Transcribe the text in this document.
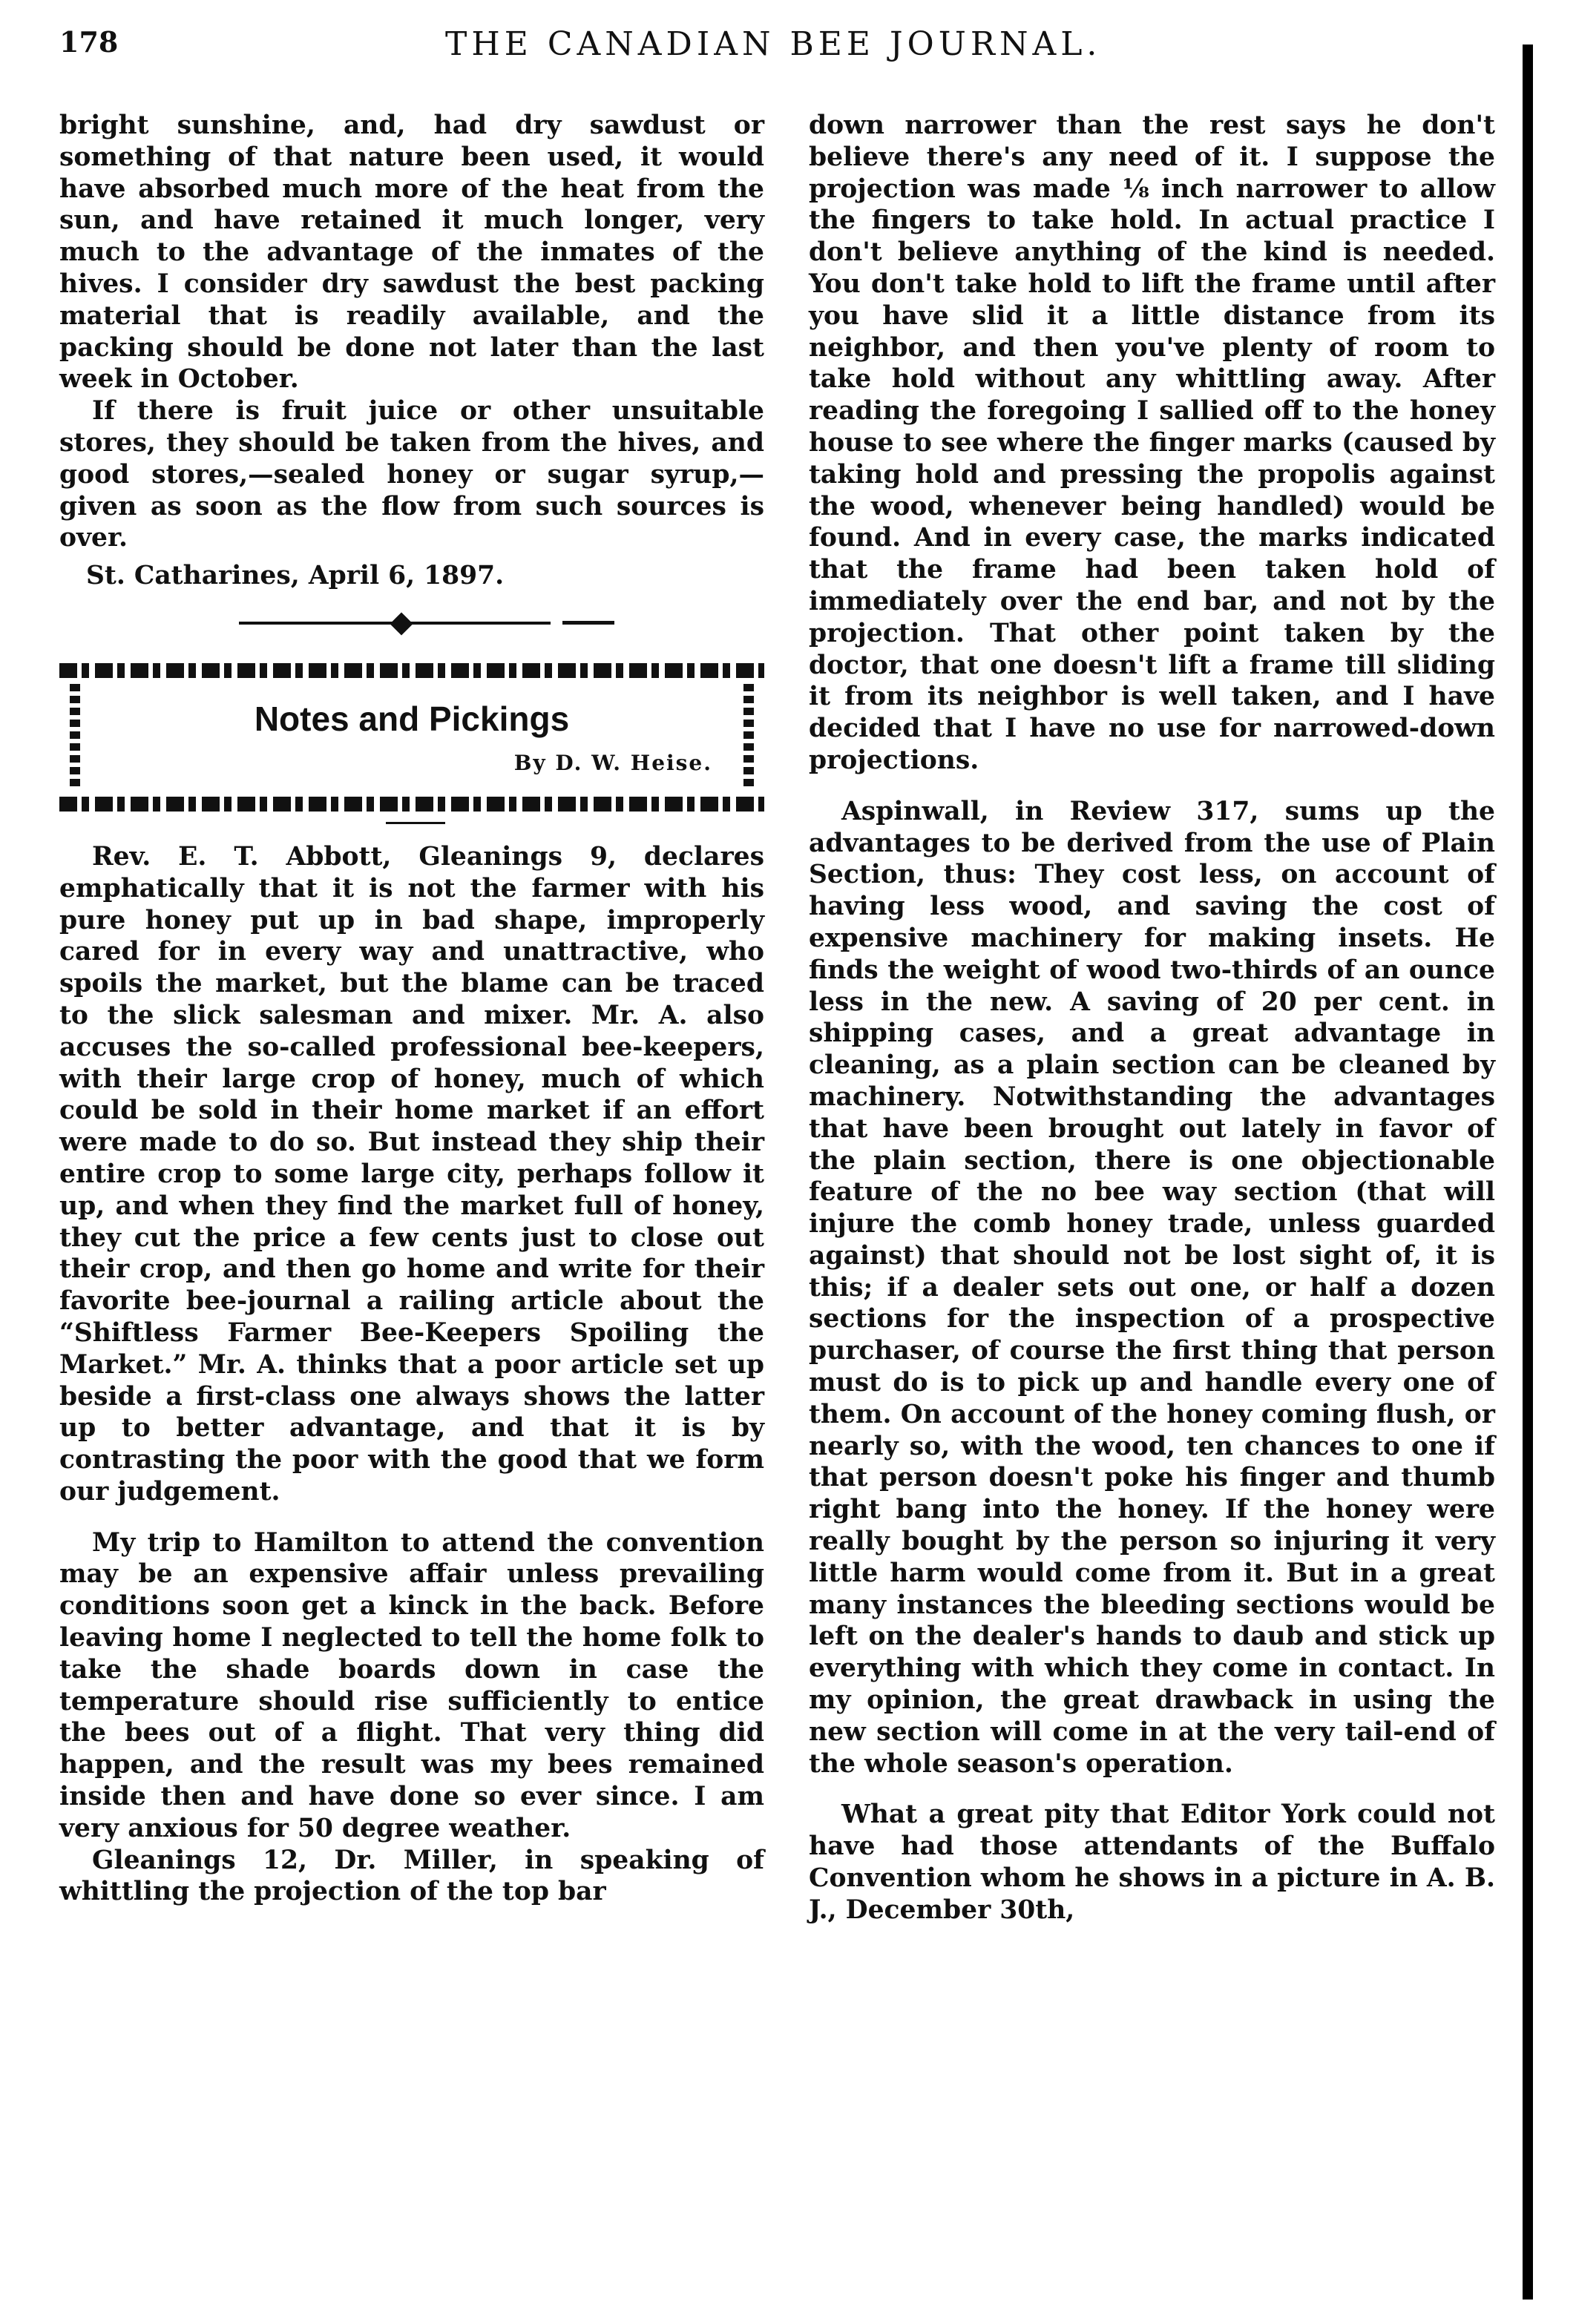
178	THE CANADIAN BEE JOURNAL.

bright sunshine, and, had dry sawdust or something of that nature been used, it would have absorbed much more of the heat from the sun, and have retained it much longer, very much to the advantage of the inmates of the hives. I consider dry sawdust the best packing material that is readily available, and the packing should be done not later than the last week in October.

If there is fruit juice or other unsuitable stores, they should be taken from the hives, and good stores,—sealed honey or sugar syrup,—given as soon as the flow from such sources is over.

St. Catharines, April 6, 1897.

Notes and Pickings
By D. W. Heise.

Rev. E. T. Abbott, Gleanings 9, declares emphatically that it is not the farmer with his pure honey put up in bad shape, improperly cared for in every way and unattractive, who spoils the market, but the blame can be traced to the slick salesman and mixer. Mr. A. also accuses the so-called professional bee-keepers, with their large crop of honey, much of which could be sold in their home market if an effort were made to do so. But instead they ship their entire crop to some large city, perhaps follow it up, and when they find the market full of honey, they cut the price a few cents just to close out their crop, and then go home and write for their favorite bee-journal a railing article about the “Shiftless Farmer Bee-Keepers Spoiling the Market.” Mr. A. thinks that a poor article set up beside a first-class one always shows the latter up to better advantage, and that it is by contrasting the poor with the good that we form our judgement.

My trip to Hamilton to attend the convention may be an expensive affair unless prevailing conditions soon get a kinck in the back. Before leaving home I neglected to tell the home folk to take the shade boards down in case the temperature should rise sufficiently to entice the bees out of a flight. That very thing did happen, and the result was my bees remained inside then and have done so ever since. I am very anxious for 50 degree weather.

Gleanings 12, Dr. Miller, in speaking of whittling the projection of the top bar

down narrower than the rest says he don't believe there's any need of it. I suppose the projection was made ⅛ inch narrower to allow the fingers to take hold. In actual practice I don't believe anything of the kind is needed. You don't take hold to lift the frame until after you have slid it a little distance from its neighbor, and then you've plenty of room to take hold without any whittling away. After reading the foregoing I sallied off to the honey house to see where the finger marks (caused by taking hold and pressing the propolis against the wood, whenever being handled) would be found. And in every case, the marks indicated that the frame had been taken hold of immediately over the end bar, and not by the projection. That other point taken by the doctor, that one doesn't lift a frame till sliding it from its neighbor is well taken, and I have decided that I have no use for narrowed-down projections.

Aspinwall, in Review 317, sums up the advantages to be derived from the use of Plain Section, thus: They cost less, on account of having less wood, and saving the cost of expensive machinery for making insets. He finds the weight of wood two-thirds of an ounce less in the new. A saving of 20 per cent. in shipping cases, and a great advantage in cleaning, as a plain section can be cleaned by machinery. Notwithstanding the advantages that have been brought out lately in favor of the plain section, there is one objectionable feature of the no bee way section (that will injure the comb honey trade, unless guarded against) that should not be lost sight of, it is this; if a dealer sets out one, or half a dozen sections for the inspection of a prospective purchaser, of course the first thing that person must do is to pick up and handle every one of them. On account of the honey coming flush, or nearly so, with the wood, ten chances to one if that person doesn't poke his finger and thumb right bang into the honey. If the honey were really bought by the person so injuring it very little harm would come from it. But in a great many instances the bleeding sections would be left on the dealer's hands to daub and stick up everything with which they come in contact. In my opinion, the great drawback in using the new section will come in at the very tail-end of the whole season's operation.

What a great pity that Editor York could not have had those attendants of the Buffalo Convention whom he shows in a picture in A. B. J., December 30th,
